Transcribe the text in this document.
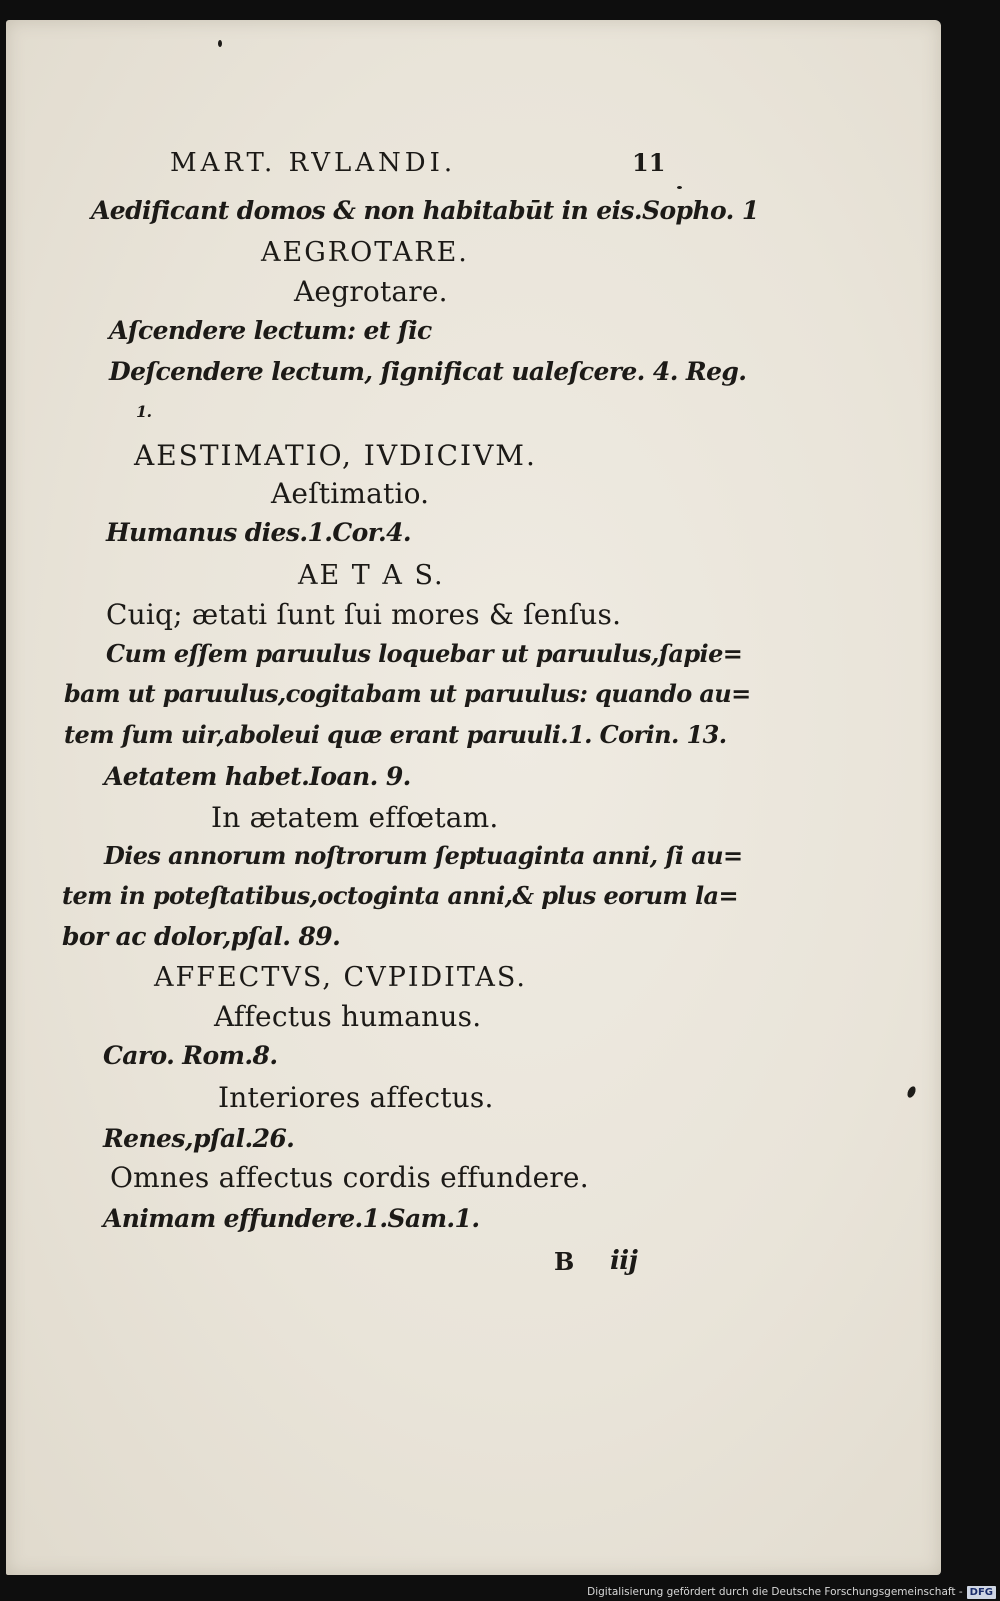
MART. RVLANDI.	11
Aedificant domos & non habitabūt in eis.Sopho. 1
AEGROTARE.
Aegrotare.
Aſcendere lectum: et ſic
Deſcendere lectum, ſignificat ualeſcere. 4. Reg.
1.
AESTIMATIO, IVDICIVM.
Aeſtimatio.
Humanus dies.1.Cor.4.
AE T A S.
Cuiq; ætati ſunt ſui mores & ſenſus.
Cum eſſem paruulus loquebar ut paruulus,ſapie=
bam ut paruulus,cogitabam ut paruulus: quando au=
tem ſum uir,aboleui quæ erant paruuli.1. Corin. 13.
Aetatem habet.Ioan. 9.
In ætatem effœtam.
Dies annorum noſtrorum ſeptuaginta anni, ſi au=
tem in poteſtatibus,octoginta anni,& plus eorum la=
bor ac dolor,pſal. 89.
AFFECTVS, CVPIDITAS.
Affectus humanus.
Caro. Rom.8.
Interiores affectus.
Renes,pſal.26.
Omnes affectus cordis effundere.
Animam effundere.1.Sam.1.
B iij
Digitalisierung gefördert durch die Deutsche Forschungsgemeinschaft - DFG
